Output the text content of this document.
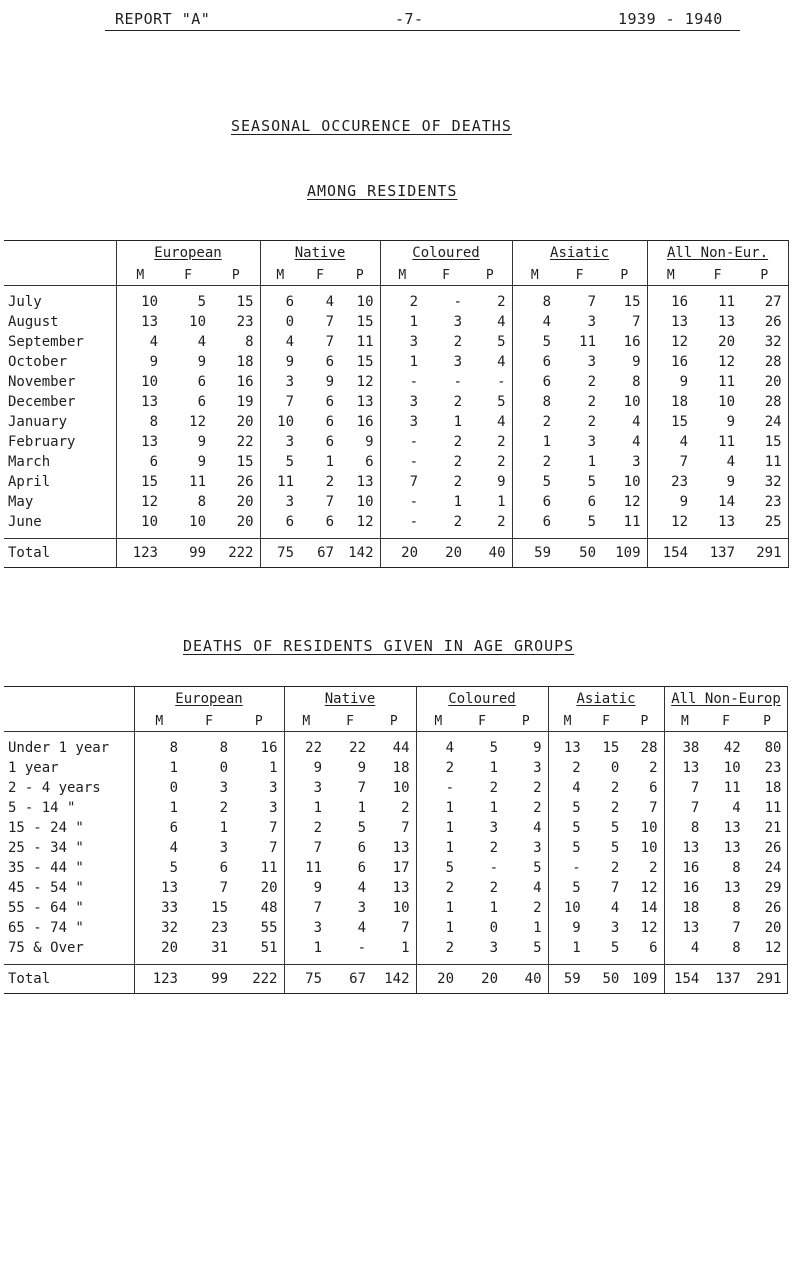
REPORT "A"	-7-	1939 - 1940
SEASONAL OCCURENCE OF DEATHS
AMONG RESIDENTS
	European			Native			Coloured			Asiatic			All Non-Eur.		
	M	F	P	M	F	P	M	F	P	M	F	P	M	F	P
July	10	5	15	6	4	10	2	-	2	8	7	15	16	11	27
August	13	10	23	0	7	15	1	3	4	4	3	7	13	13	26
September	4	4	8	4	7	11	3	2	5	5	11	16	12	20	32
October	9	9	18	9	6	15	1	3	4	6	3	9	16	12	28
November	10	6	16	3	9	12	-	-	-	6	2	8	9	11	20
December	13	6	19	7	6	13	3	2	5	8	2	10	18	10	28
January	8	12	20	10	6	16	3	1	4	2	2	4	15	9	24
February	13	9	22	3	6	9	-	2	2	1	3	4	4	11	15
March	6	9	15	5	1	6	-	2	2	2	1	3	7	4	11
April	15	11	26	11	2	13	7	2	9	5	5	10	23	9	32
May	12	8	20	3	7	10	-	1	1	6	6	12	9	14	23
June	10	10	20	6	6	12	-	2	2	6	5	11	12	13	25
Total	123	99	222	75	67	142	20	20	40	59	50	109	154	137	291
DEATHS OF RESIDENTS GIVEN IN AGE GROUPS
	European			Native			Coloured			Asiatic			All Non-Europ		
	M	F	P	M	F	P	M	F	P	M	F	P	M	F	P
Under 1 year	8	8	16	22	22	44	4	5	9	13	15	28	38	42	80
1 year	1	0	1	9	9	18	2	1	3	2	0	2	13	10	23
2 - 4 years	0	3	3	3	7	10	-	2	2	4	2	6	7	11	18
5 - 14 "	1	2	3	1	1	2	1	1	2	5	2	7	7	4	11
15 - 24 "	6	1	7	2	5	7	1	3	4	5	5	10	8	13	21
25 - 34 "	4	3	7	7	6	13	1	2	3	5	5	10	13	13	26
35 - 44 "	5	6	11	11	6	17	5	-	5	-	2	2	16	8	24
45 - 54 "	13	7	20	9	4	13	2	2	4	5	7	12	16	13	29
55 - 64 "	33	15	48	7	3	10	1	1	2	10	4	14	18	8	26
65 - 74 "	32	23	55	3	4	7	1	0	1	9	3	12	13	7	20
75 & Over	20	31	51	1	-	1	2	3	5	1	5	6	4	8	12
Total	123	99	222	75	67	142	20	20	40	59	50	109	154	137	291
